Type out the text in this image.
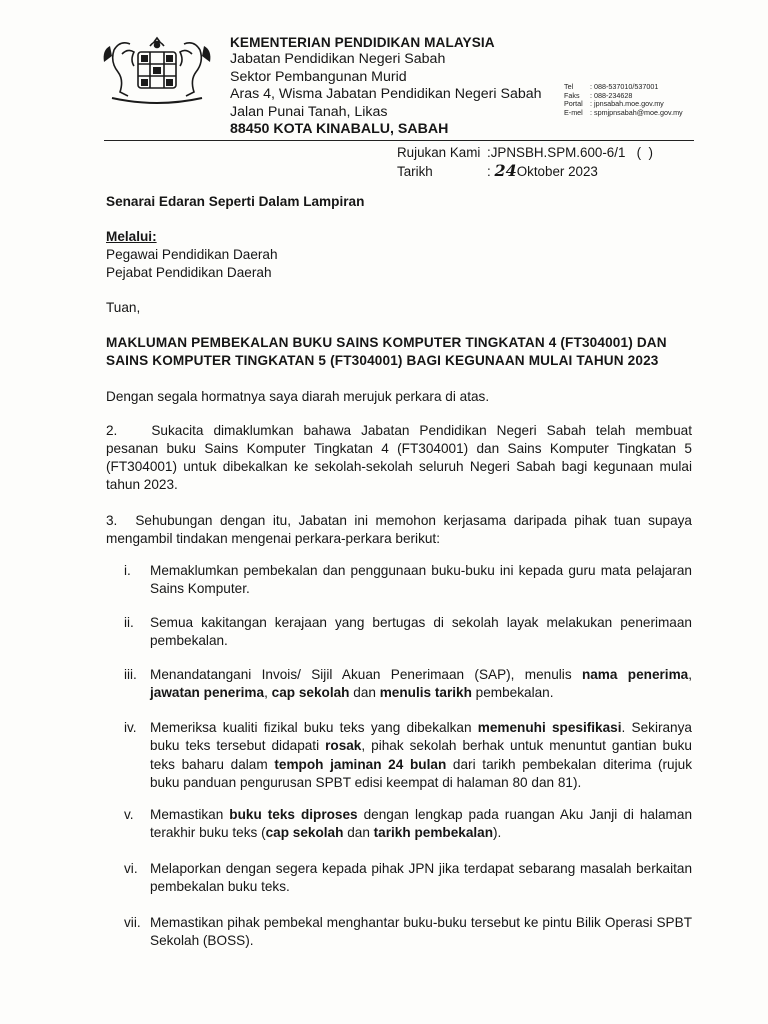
KEMENTERIAN PENDIDIKAN MALAYSIA
Jabatan Pendidikan Negeri Sabah
Sektor Pembangunan Murid
Aras 4, Wisma Jabatan Pendidikan Negeri Sabah
Jalan Punai Tanah, Likas
88450 KOTA KINABALU, SABAH
Tel	: 088-537010/537001
Faks	: 088-234628
Portal	: jpnsabah.moe.gov.my
E-mel	: spmjpnsabah@moe.gov.my
Rujukan Kami :JPNSBH.SPM.600-6/1   (  )
Tarikh	: 24 Oktober 2023
Senarai Edaran Seperti Dalam Lampiran
Melalui:
Pegawai Pendidikan Daerah
Pejabat Pendidikan Daerah
Tuan,
MAKLUMAN PEMBEKALAN BUKU SAINS KOMPUTER TINGKATAN 4 (FT304001) DAN
SAINS KOMPUTER TINGKATAN 5 (FT304001) BAGI KEGUNAAN MULAI TAHUN 2023
Dengan segala hormatnya saya diarah merujuk perkara di atas.
2.	Sukacita dimaklumkan bahawa Jabatan Pendidikan Negeri Sabah telah membuat pesanan buku Sains Komputer Tingkatan 4 (FT304001) dan Sains Komputer Tingkatan 5 (FT304001) untuk dibekalkan ke sekolah-sekolah seluruh Negeri Sabah bagi kegunaan mulai tahun 2023.
3. Sehubungan dengan itu, Jabatan ini memohon kerjasama daripada pihak tuan supaya mengambil tindakan mengenai perkara-perkara berikut:
i.	Memaklumkan pembekalan dan penggunaan buku-buku ini kepada guru mata pelajaran Sains Komputer.
ii.	Semua kakitangan kerajaan yang bertugas di sekolah layak melakukan penerimaan pembekalan.
iii. Menandatangani Invois/ Sijil Akuan Penerimaan (SAP), menulis nama penerima, jawatan penerima, cap sekolah dan menulis tarikh pembekalan.
iv. Memeriksa kualiti fizikal buku teks yang dibekalkan memenuhi spesifikasi. Sekiranya buku teks tersebut didapati rosak, pihak sekolah berhak untuk menuntut gantian buku teks baharu dalam tempoh jaminan 24 bulan dari tarikh pembekalan diterima (rujuk buku panduan pengurusan SPBT edisi keempat di halaman 80 dan 81).
v.	Memastikan buku teks diproses dengan lengkap pada ruangan Aku Janji di halaman terakhir buku teks (cap sekolah dan tarikh pembekalan).
vi. Melaporkan dengan segera kepada pihak JPN jika terdapat sebarang masalah berkaitan pembekalan buku teks.
vii. Memastikan pihak pembekal menghantar buku-buku tersebut ke pintu Bilik Operasi SPBT Sekolah (BOSS).
